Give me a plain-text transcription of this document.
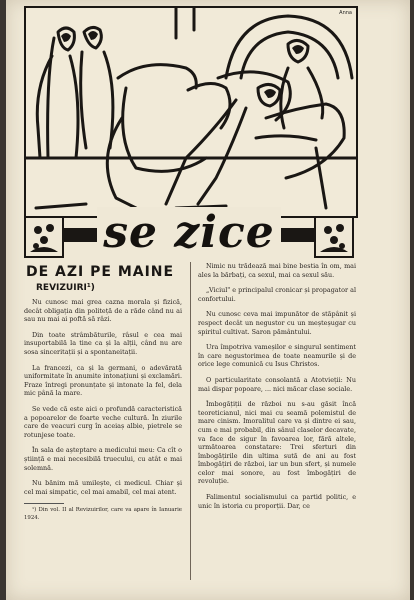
Anna
se zice
DE AZI PE MAINE
REVIZUIRI¹)

Nu cunosc mai grea cazna morala și fizică, decât obligația din politeță de a răde când nu ai sau nu mai ai poftă să râzi.

Din toate strâmbăturile, râsul e cea mai insuportabilă la tine ca și la alții, când nu are sosa sinceritații și a spontaneitații.

La francezi, ca și la germani, o adevărată uniformitate în anumite intonațiuni și exclamări. Fraze întregi pronunțate și intonate la fel, dela mic până la mare.

Se vede că este aici o profundă caracteristică a popoarelor de foarte veche cultură. În ziurile care de veacuri curg în aceiaș albie, pietrele se rotunjese toate.

În sala de așteptare a medicului meu: Ca cît o știință e mai necesibilă truecului, cu atât e mai solemnă.

Nu bănim mă umilește, ci medicul. Chiar și cel mai simpatic, cel mai amabil, cel mai atent.

¹) Din vol. II al Revizuirilor, care va apare în Ianuarie 1924.

Nimic nu trădează mai bine bestia în om, mai ales la bărbați, ca sexul, mai ca sexul său.

„Viciul" e principalul cronicar și propagator al confortului.

Nu cunosc ceva mai impunător de stăpânit și respect decât un negustor cu un meșteșugar cu spiritul cultivat. Saron pământului.

Ura împotriva vameșilor e singurul sentiment în care negustorimea de toate neamurile și de orice lege comunică cu Isus Christos.

O particularitate consolantă a Atotvieții: Nu mai dispar popoare, ... nici măcar clase sociale.

Îmbogățiții de război nu s-au găsit încă teoreticianul, nici mai cu seamă polemistul de mare cinism. Imoralitul care va și dintre ei sau, cum e mai probabil, din sânul claselor decavate, va face de sigur în favoarea lor, fără altele, următoarea constatare: Trei sferturi din îmbogățirile din ultima sută de ani au fost îmbogățiri de război, iar un bun sfert, și numele celor mai sonore, au fost îmbogățiri de revoluție.

Falimentul socialismului ca partid politic, e unic în istoria cu proporții. Dar, ce
